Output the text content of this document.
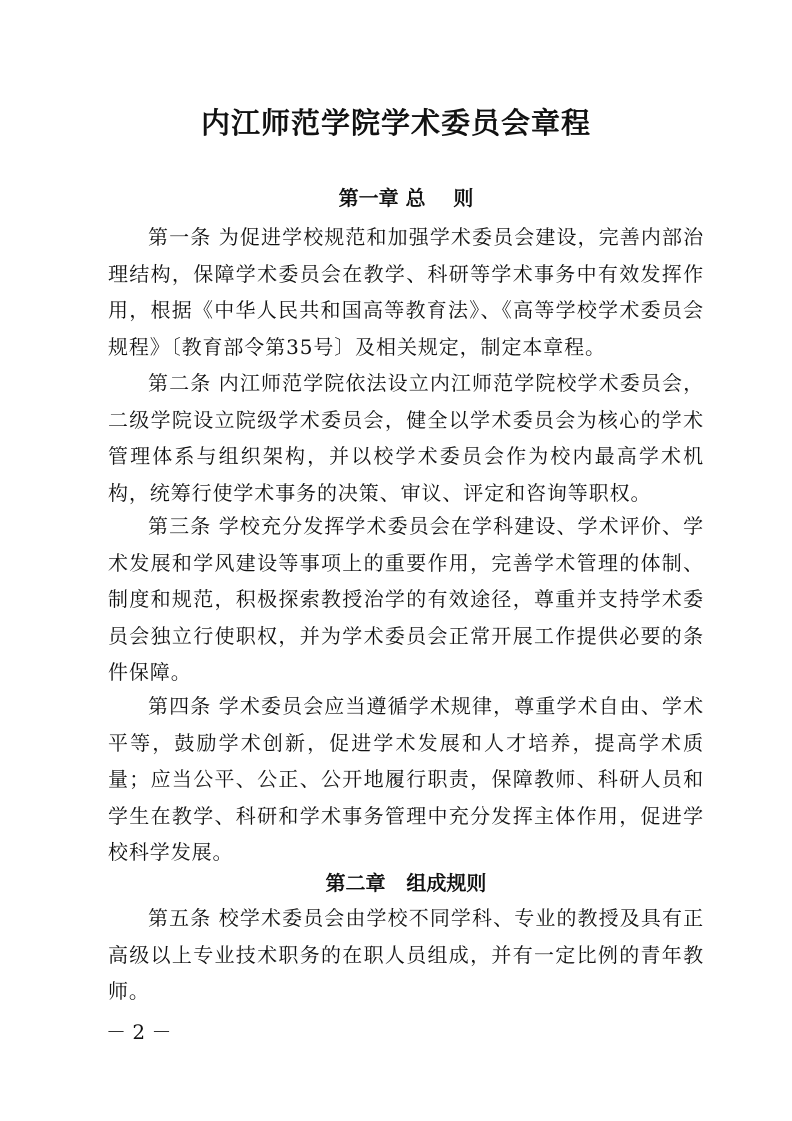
内江师范学院学术委员会章程
第一章 总    则

第一条 为促进学校规范和加强学术委员会建设，完善内部治理结构，保障学术委员会在教学、科研等学术事务中有效发挥作用，根据《中华人民共和国高等教育法》、《高等学校学术委员会规程》〔教育部令第35号〕及相关规定，制定本章程。

第二条 内江师范学院依法设立内江师范学院校学术委员会，二级学院设立院级学术委员会，健全以学术委员会为核心的学术管理体系与组织架构，并以校学术委员会作为校内最高学术机构，统筹行使学术事务的决策、审议、评定和咨询等职权。

第三条 学校充分发挥学术委员会在学科建设、学术评价、学术发展和学风建设等事项上的重要作用，完善学术管理的体制、制度和规范，积极探索教授治学的有效途径，尊重并支持学术委员会独立行使职权，并为学术委员会正常开展工作提供必要的条件保障。

第四条 学术委员会应当遵循学术规律，尊重学术自由、学术平等，鼓励学术创新，促进学术发展和人才培养，提高学术质量；应当公平、公正、公开地履行职责，保障教师、科研人员和学生在教学、科研和学术事务管理中充分发挥主体作用，促进学校科学发展。

第二章   组成规则

第五条 校学术委员会由学校不同学科、专业的教授及具有正高级以上专业技术职务的在职人员组成，并有一定比例的青年教师。

－ 2 －
